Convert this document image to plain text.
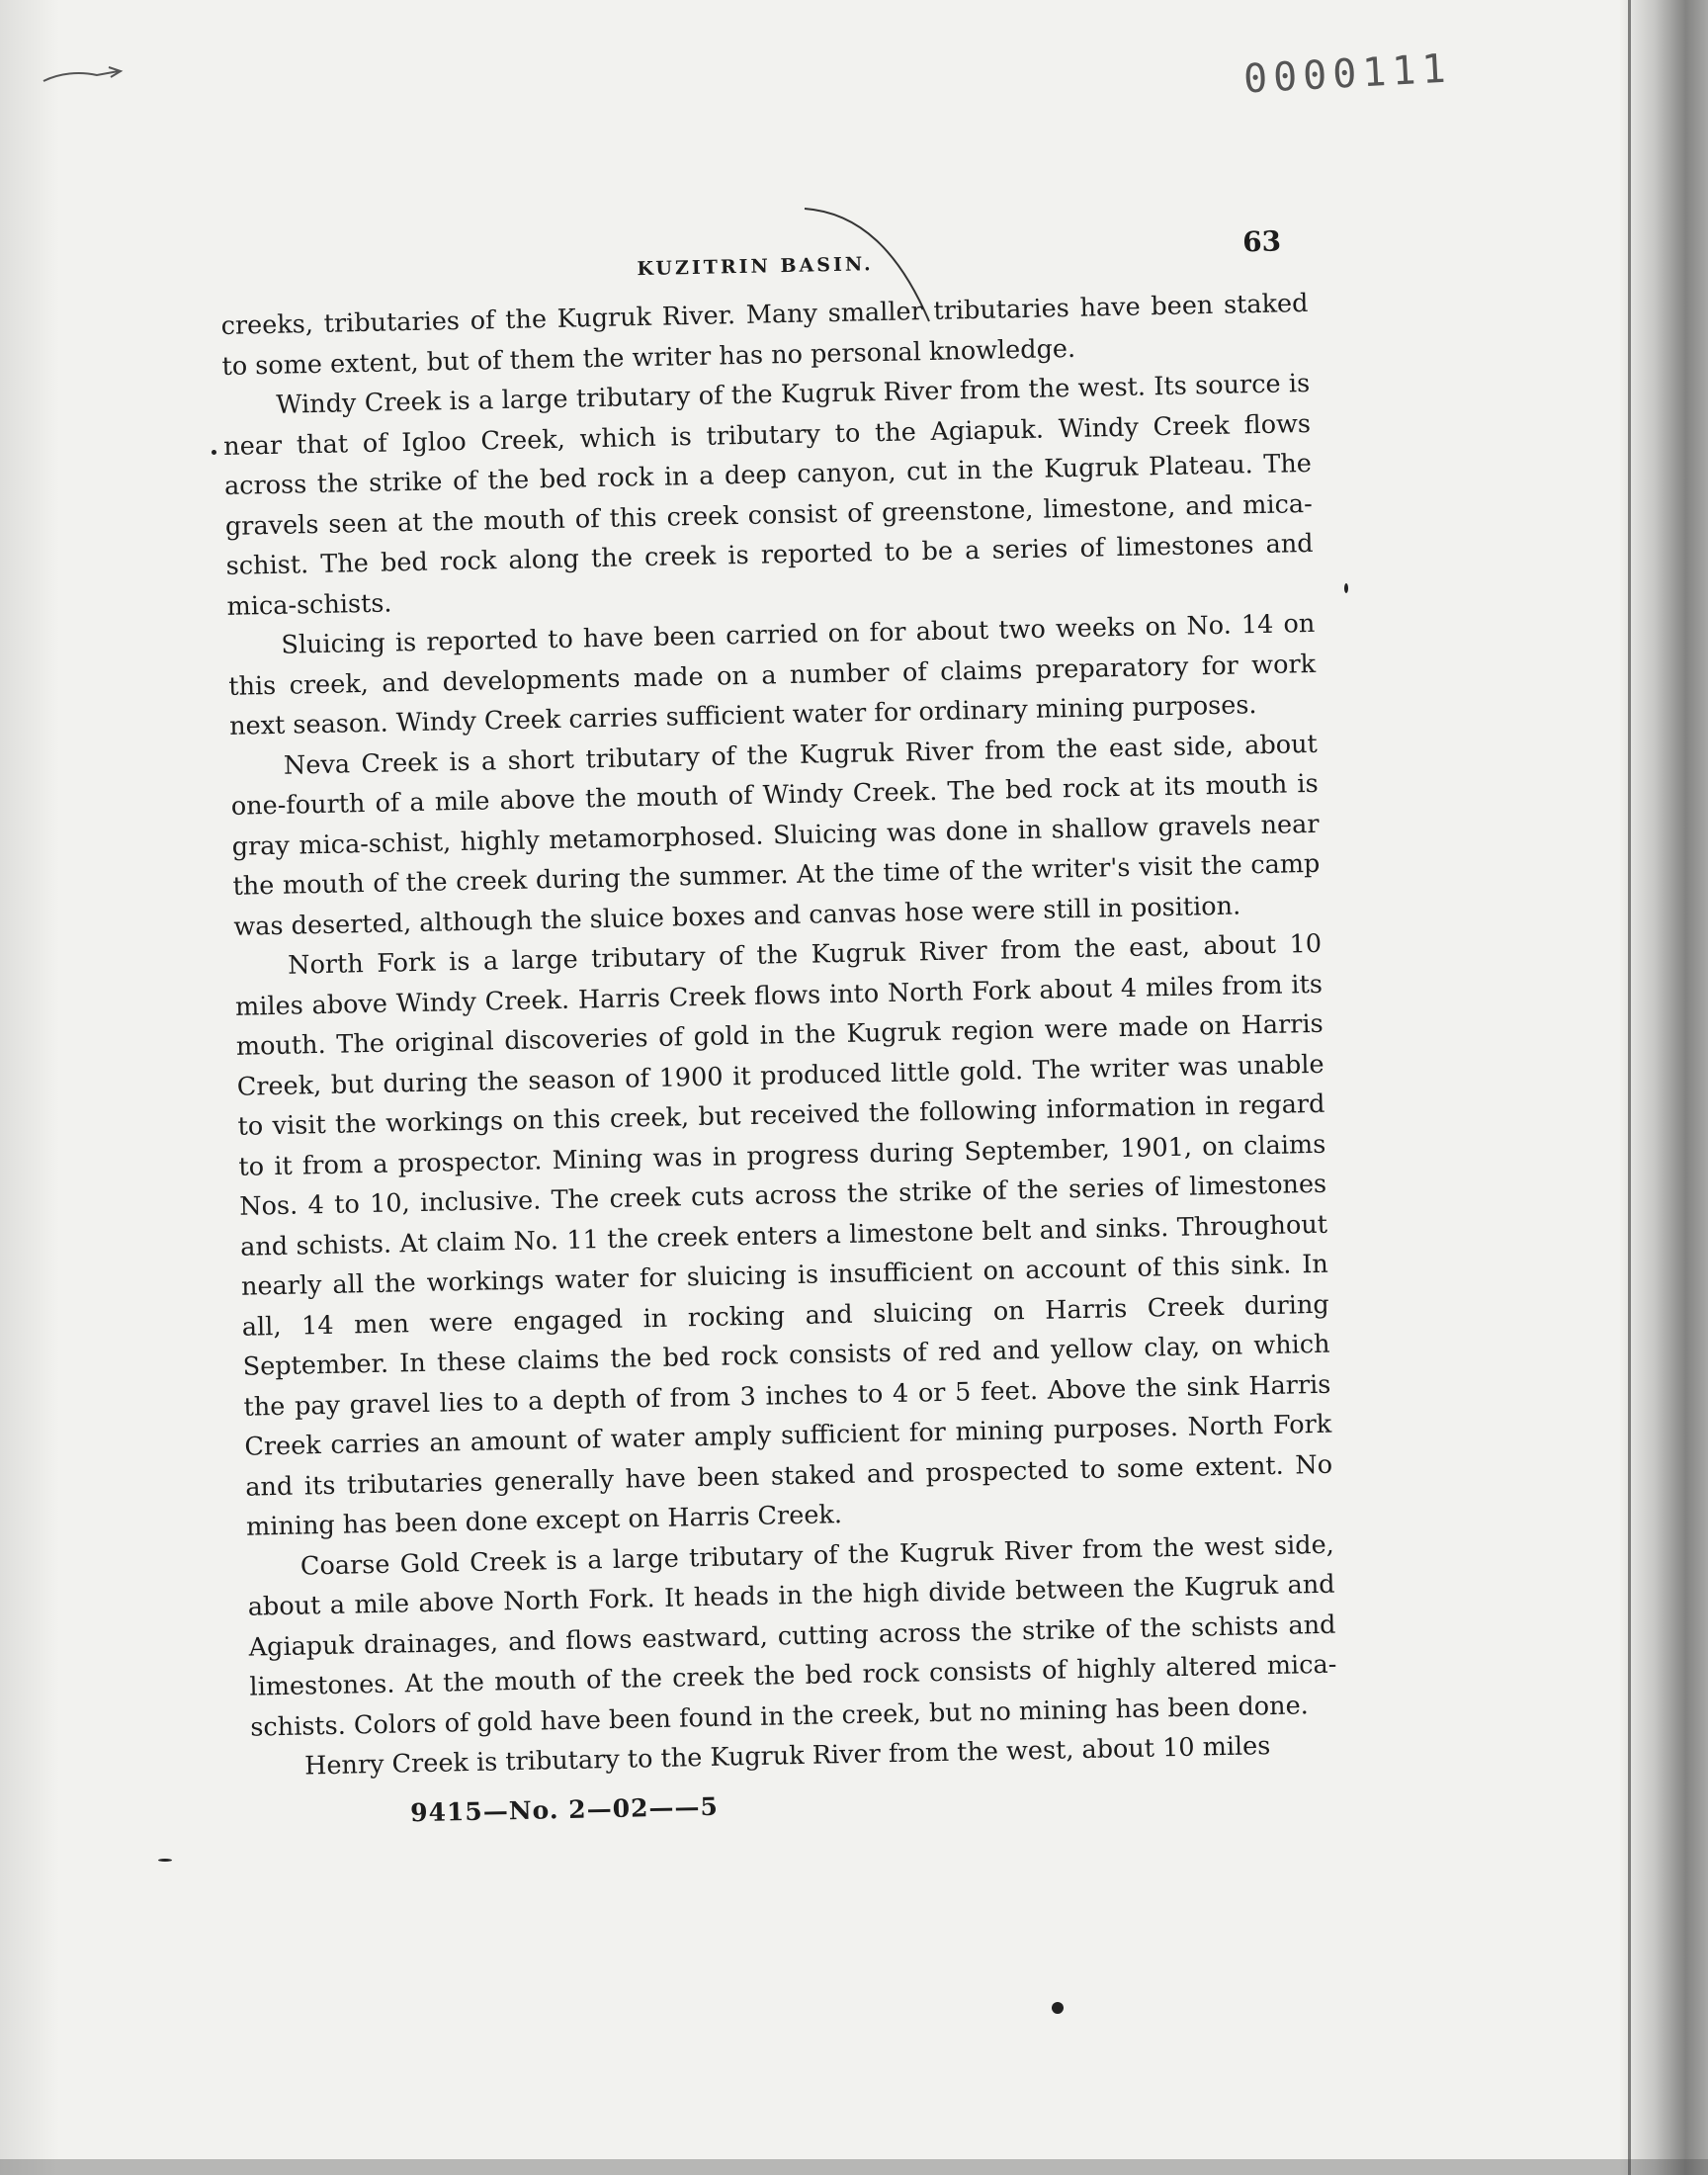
0000111
KUZITRIN BASIN.
63

creeks, tributaries of the Kugruk River. Many smaller tributaries have been staked to some extent, but of them the writer has no personal knowledge.

Windy Creek is a large tributary of the Kugruk River from the west. Its source is near that of Igloo Creek, which is tributary to the Agiapuk. Windy Creek flows across the strike of the bed rock in a deep canyon, cut in the Kugruk Plateau. The gravels seen at the mouth of this creek consist of greenstone, limestone, and mica-schist. The bed rock along the creek is reported to be a series of limestones and mica-schists.

Sluicing is reported to have been carried on for about two weeks on No. 14 on this creek, and developments made on a number of claims preparatory for work next season. Windy Creek carries sufficient water for ordinary mining purposes.

Neva Creek is a short tributary of the Kugruk River from the east side, about one-fourth of a mile above the mouth of Windy Creek. The bed rock at its mouth is gray mica-schist, highly metamorphosed. Sluicing was done in shallow gravels near the mouth of the creek during the summer. At the time of the writer's visit the camp was deserted, although the sluice boxes and canvas hose were still in position.

North Fork is a large tributary of the Kugruk River from the east, about 10 miles above Windy Creek. Harris Creek flows into North Fork about 4 miles from its mouth. The original discoveries of gold in the Kugruk region were made on Harris Creek, but during the season of 1900 it produced little gold. The writer was unable to visit the workings on this creek, but received the following information in regard to it from a prospector. Mining was in progress during September, 1901, on claims Nos. 4 to 10, inclusive. The creek cuts across the strike of the series of limestones and schists. At claim No. 11 the creek enters a limestone belt and sinks. Throughout nearly all the workings water for sluicing is insufficient on account of this sink. In all, 14 men were engaged in rocking and sluicing on Harris Creek during September. In these claims the bed rock consists of red and yellow clay, on which the pay gravel lies to a depth of from 3 inches to 4 or 5 feet. Above the sink Harris Creek carries an amount of water amply sufficient for mining purposes. North Fork and its tributaries generally have been staked and prospected to some extent. No mining has been done except on Harris Creek.

Coarse Gold Creek is a large tributary of the Kugruk River from the west side, about a mile above North Fork. It heads in the high divide between the Kugruk and Agiapuk drainages, and flows eastward, cutting across the strike of the schists and limestones. At the mouth of the creek the bed rock consists of highly altered mica-schists. Colors of gold have been found in the creek, but no mining has been done.

Henry Creek is tributary to the Kugruk River from the west, about 10 miles

9415—No. 2—02——5
